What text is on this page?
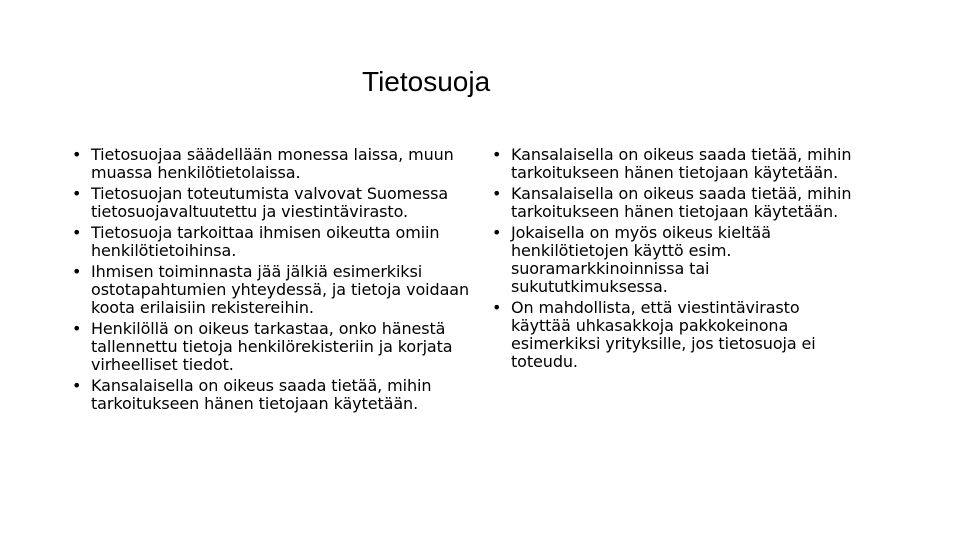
Tietosuoja
• Tietosuojaa säädellään monessa laissa, muun muassa henkilötietolaissa.
• Tietosuojan toteutumista valvovat Suomessa tietosuojavaltuutettu ja viestintävirasto.
• Tietosuoja tarkoittaa ihmisen oikeutta omiin henkilötietoihinsa.
• Ihmisen toiminnasta jää jälkiä esimerkiksi ostotapahtumien yhteydessä, ja tietoja voidaan koota erilaisiin rekistereihin.
• Henkilöllä on oikeus tarkastaa, onko hänestä tallennettu tietoja henkilörekisteriin ja korjata virheelliset tiedot.
• Kansalaisella on oikeus saada tietää, mihin tarkoitukseen hänen tietojaan käytetään.
• Kansalaisella on oikeus saada tietää, mihin tarkoitukseen hänen tietojaan käytetään.
• Kansalaisella on oikeus saada tietää, mihin tarkoitukseen hänen tietojaan käytetään.
• Jokaisella on myös oikeus kieltää henkilötietojen käyttö esim. suoramarkkinoinnissa tai sukututkimuksessa.
• On mahdollista, että viestintävirasto käyttää uhkasakkoja pakkokeinona esimerkiksi yrityksille, jos tietosuoja ei toteudu.
